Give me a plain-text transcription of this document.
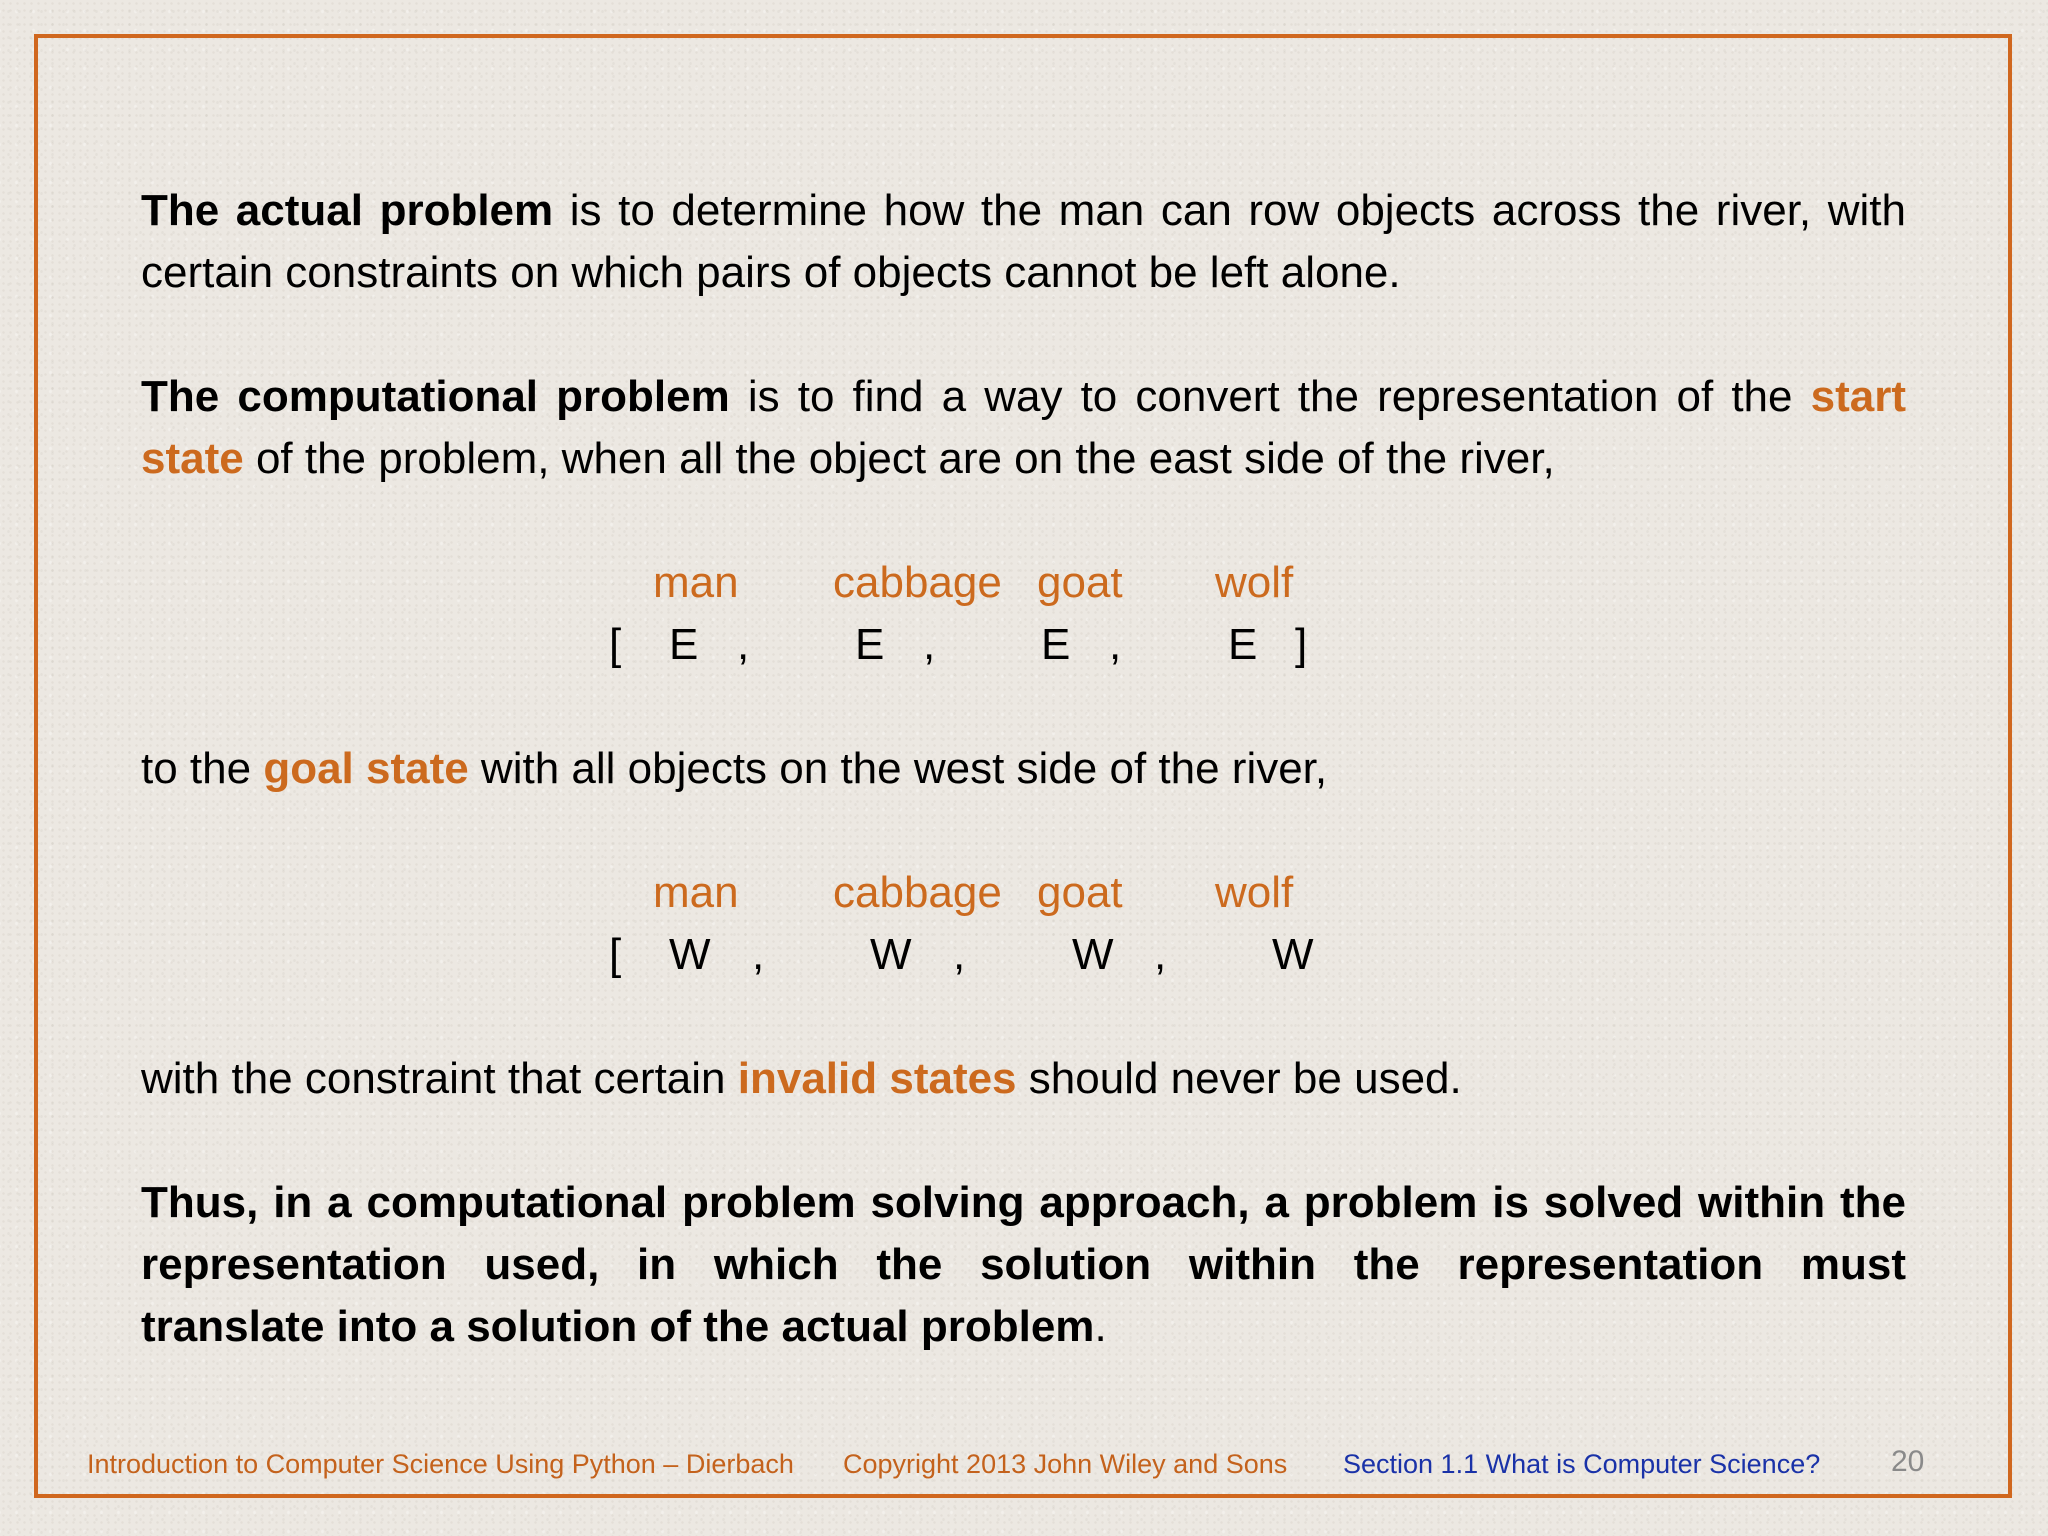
The actual problem is to determine how the man can row objects across the river, with certain constraints on which pairs of objects cannot be left alone.

The computational problem is to find a way to convert the representation of the start state of the problem, when all the object are on the east side of the river,

man cabbage goat wolf
[ E , E , E , E ]

to the goal state with all objects on the west side of the river,

man cabbage goat wolf
[ W , W , W , W

with the constraint that certain invalid states should never be used.

Thus, in a computational problem solving approach, a problem is solved within the

representation used, in which the solution within the representation must

translate into a solution of the actual problem.

Introduction to Computer Science Using Python – Dierbach Copyright 2013 John Wiley and Sons Section 1.1 What is Computer Science? 20
